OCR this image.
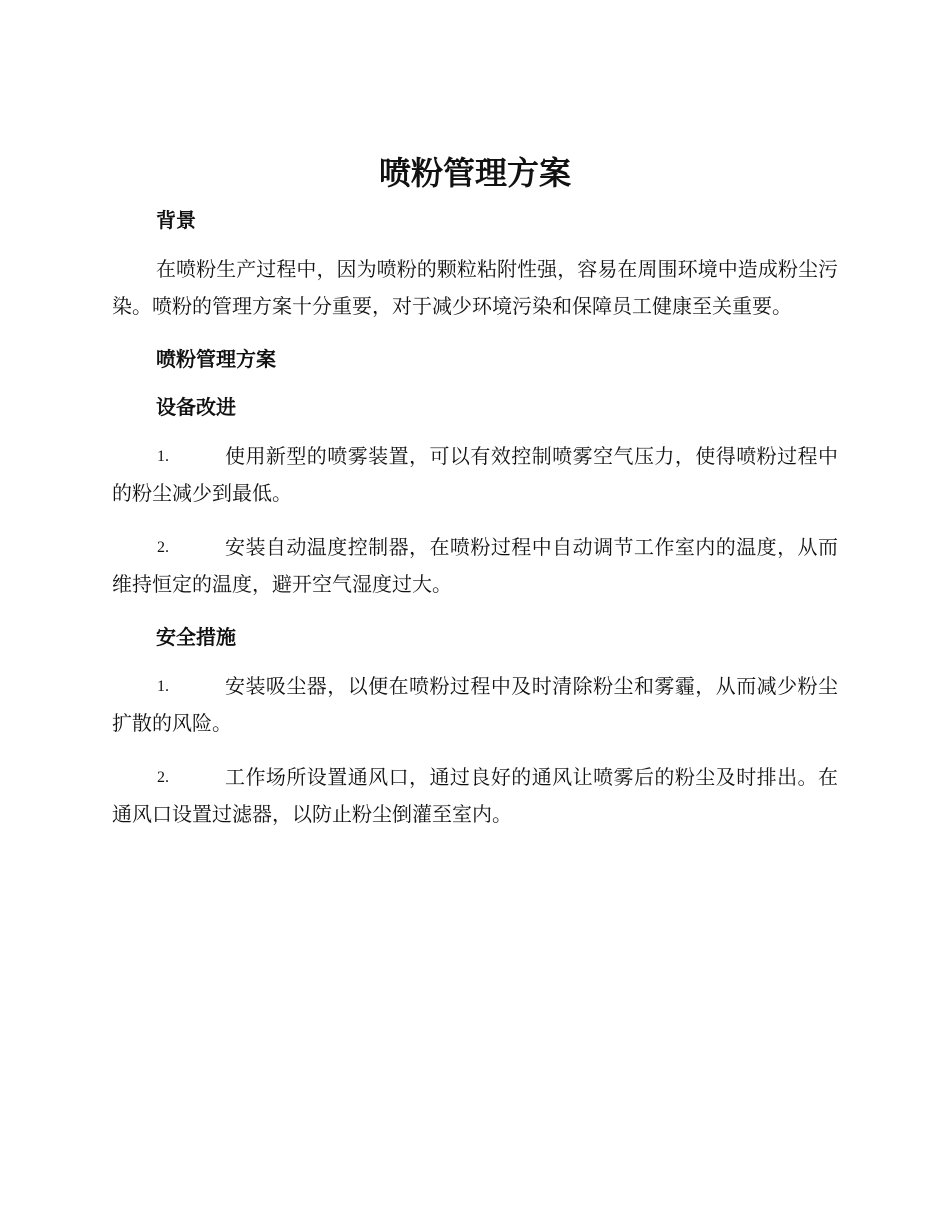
喷粉管理方案
背景

在喷粉生产过程中，因为喷粉的颗粒粘附性强，容易在周围环境中造成粉尘污染。喷粉的管理方案十分重要，对于减少环境污染和保障员工健康至关重要。

喷粉管理方案
设备改进

1.	使用新型的喷雾装置，可以有效控制喷雾空气压力，使得喷粉过程中的粉尘减少到最低。

2.	安装自动温度控制器，在喷粉过程中自动调节工作室内的温度，从而维持恒定的温度，避开空气湿度过大。

安全措施

1.	安装吸尘器，以便在喷粉过程中及时清除粉尘和雾霾，从而减少粉尘扩散的风险。

2.	工作场所设置通风口，通过良好的通风让喷雾后的粉尘及时排出。在通风口设置过滤器，以防止粉尘倒灌至室内。
